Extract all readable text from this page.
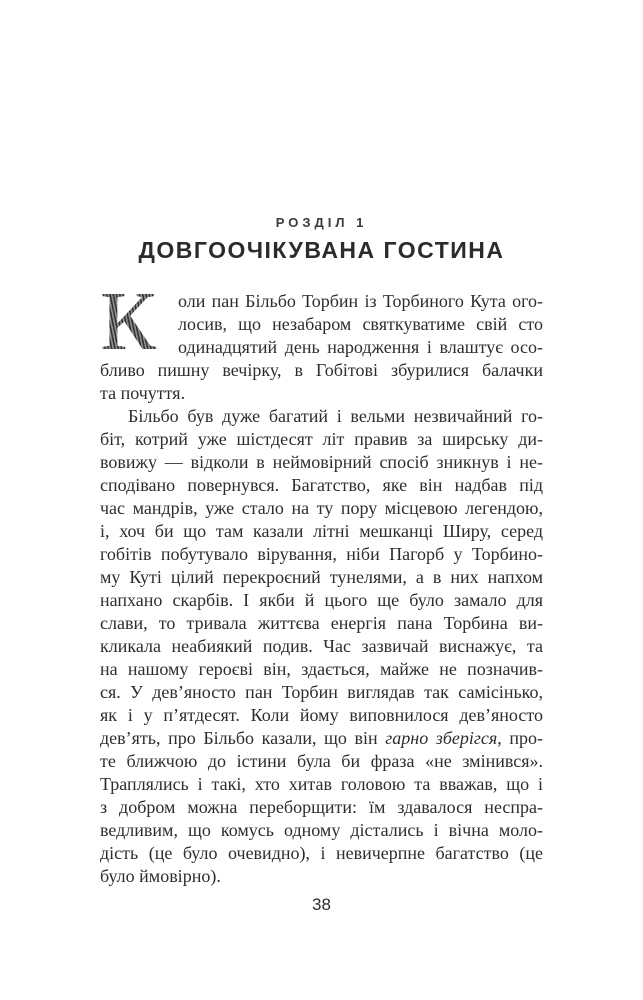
РОЗДІЛ 1
ДОВГООЧІКУВАНА ГОСТИНА
К	оли пан Більбо Торбин із Торбиного Кута ого-
лосив, що незабаром святкуватиме свій сто
одинадцятий день народження і влаштує осо-
бливо пишну вечірку, в Гобітові збурилися балачки
та почуття.
Більбо був дуже багатий і вельми незвичайний го-
біт, котрий уже шістдесят літ правив за ширську ди-
вовижу — відколи в неймовірний спосіб зникнув і не-
сподівано повернувся. Багатство, яке він надбав під
час мандрів, уже стало на ту пору місцевою легендою,
і, хоч би що там казали літні мешканці Ширу, серед
гобітів побутувало вірування, ніби Пагорб у Торбино-
му Куті цілий перекроєний тунелями, а в них напхом
напхано скарбів. І якби й цього ще було замало для
слави, то тривала життєва енергія пана Торбина ви-
кликала неабиякий подив. Час зазвичай виснажує, та
на нашому героєві він, здається, майже не позначив-
ся. У дев’яносто пан Торбин виглядав так самісінько,
як і у п’ятдесят. Коли йому виповнилося дев’яносто
дев’ять, про Більбо казали, що він гарно зберігся, про-
те ближчою до істини була би фраза «не змінився».
Траплялись і такі, хто хитав головою та вважав, що і
з добром можна переборщити: їм здавалося неспра-
ведливим, що комусь одному дістались і вічна моло-
дість (це було очевидно), і невичерпне багатство (це
було ймовірно).
38
